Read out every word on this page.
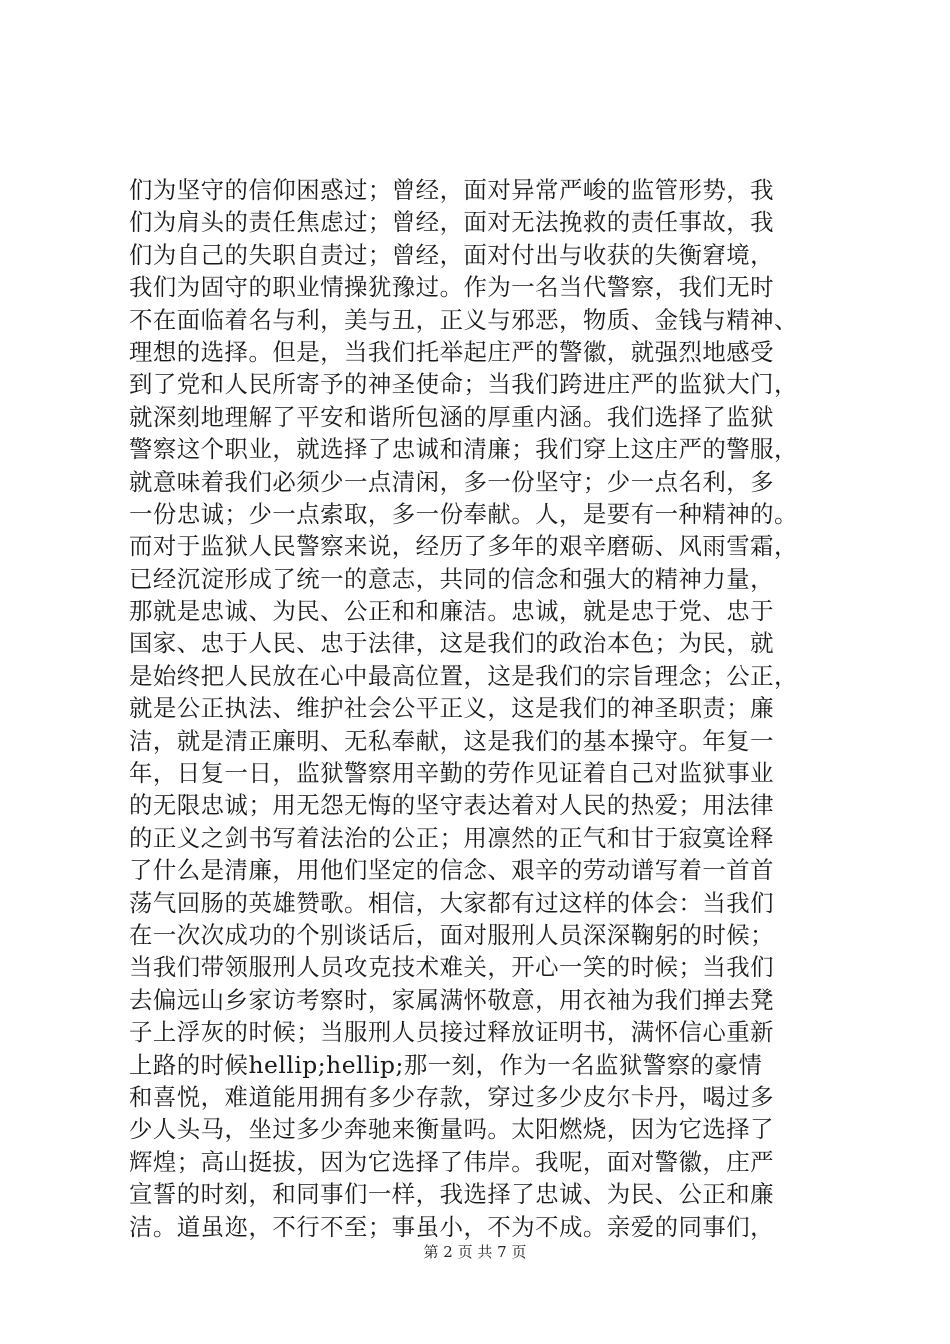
们为坚守的信仰困惑过；曾经，面对异常严峻的监管形势，我
们为肩头的责任焦虑过；曾经，面对无法挽救的责任事故，我
们为自己的失职自责过；曾经，面对付出与收获的失衡窘境，
我们为固守的职业情操犹豫过。作为一名当代警察，我们无时
不在面临着名与利，美与丑，正义与邪恶，物质、金钱与精神、
理想的选择。但是，当我们托举起庄严的警徽，就强烈地感受
到了党和人民所寄予的神圣使命；当我们跨进庄严的监狱大门，
就深刻地理解了平安和谐所包涵的厚重内涵。我们选择了监狱
警察这个职业，就选择了忠诚和清廉；我们穿上这庄严的警服，
就意味着我们必须少一点清闲，多一份坚守；少一点名利，多
一份忠诚；少一点索取，多一份奉献。人，是要有一种精神的。
而对于监狱人民警察来说，经历了多年的艰辛磨砺、风雨雪霜，
已经沉淀形成了统一的意志，共同的信念和强大的精神力量，
那就是忠诚、为民、公正和和廉洁。忠诚，就是忠于党、忠于
国家、忠于人民、忠于法律，这是我们的政治本色；为民，就
是始终把人民放在心中最高位置，这是我们的宗旨理念；公正，
就是公正执法、维护社会公平正义，这是我们的神圣职责；廉
洁，就是清正廉明、无私奉献，这是我们的基本操守。年复一
年，日复一日，监狱警察用辛勤的劳作见证着自己对监狱事业
的无限忠诚；用无怨无悔的坚守表达着对人民的热爱；用法律
的正义之剑书写着法治的公正；用凛然的正气和甘于寂寞诠释
了什么是清廉，用他们坚定的信念、艰辛的劳动谱写着一首首
荡气回肠的英雄赞歌。相信，大家都有过这样的体会：当我们
在一次次成功的个别谈话后，面对服刑人员深深鞠躬的时候；
当我们带领服刑人员攻克技术难关，开心一笑的时候；当我们
去偏远山乡家访考察时，家属满怀敬意，用衣袖为我们掸去凳
子上浮灰的时候；当服刑人员接过释放证明书，满怀信心重新
上路的时候hellip;hellip;那一刻，作为一名监狱警察的豪情
和喜悦，难道能用拥有多少存款，穿过多少皮尔卡丹，喝过多
少人头马，坐过多少奔驰来衡量吗。太阳燃烧，因为它选择了
辉煌；高山挺拔，因为它选择了伟岸。我呢，面对警徽，庄严
宣誓的时刻，和同事们一样，我选择了忠诚、为民、公正和廉
洁。道虽迩，不行不至；事虽小，不为不成。亲爱的同事们，
第 2 页 共 7 页
